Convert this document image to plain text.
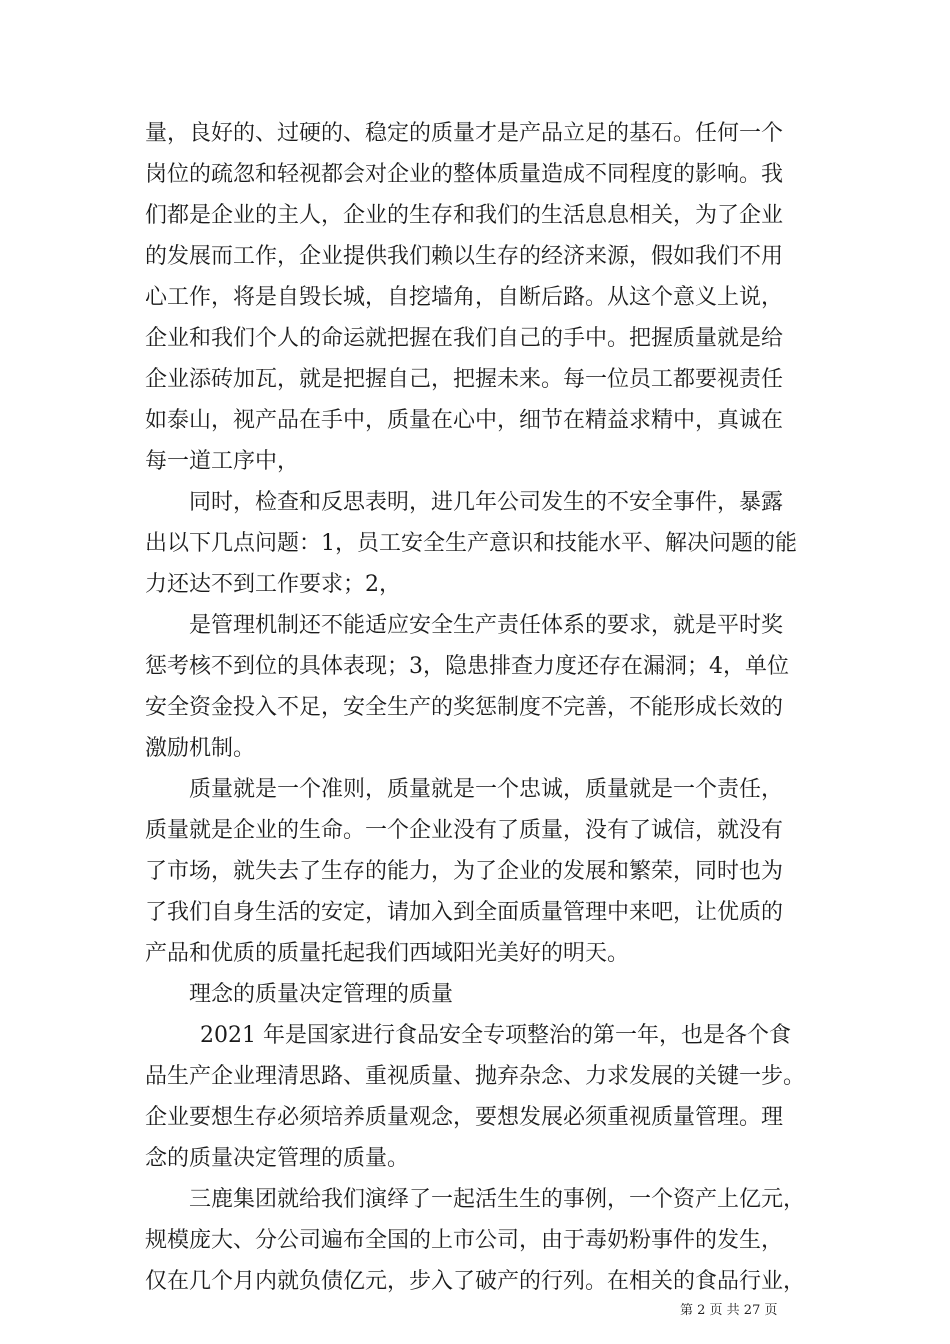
量，良好的、过硬的、稳定的质量才是产品立足的基石。任何一个
岗位的疏忽和轻视都会对企业的整体质量造成不同程度的影响。我
们都是企业的主人，企业的生存和我们的生活息息相关，为了企业
的发展而工作，企业提供我们赖以生存的经济来源，假如我们不用
心工作，将是自毁长城，自挖墙角，自断后路。从这个意义上说，
企业和我们个人的命运就把握在我们自己的手中。把握质量就是给
企业添砖加瓦，就是把握自己，把握未来。每一位员工都要视责任
如泰山，视产品在手中，质量在心中，细节在精益求精中，真诚在
每一道工序中，
同时，检查和反思表明，进几年公司发生的不安全事件，暴露
出以下几点问题：1，员工安全生产意识和技能水平、解决问题的能
力还达不到工作要求；2，
是管理机制还不能适应安全生产责任体系的要求，就是平时奖
惩考核不到位的具体表现；3，隐患排查力度还存在漏洞；4，单位
安全资金投入不足，安全生产的奖惩制度不完善，不能形成长效的
激励机制。
质量就是一个准则，质量就是一个忠诚，质量就是一个责任，
质量就是企业的生命。一个企业没有了质量，没有了诚信，就没有
了市场，就失去了生存的能力，为了企业的发展和繁荣，同时也为
了我们自身生活的安定，请加入到全面质量管理中来吧，让优质的
产品和优质的质量托起我们西域阳光美好的明天。
理念的质量决定管理的质量
2021 年是国家进行食品安全专项整治的第一年，也是各个食
品生产企业理清思路、重视质量、抛弃杂念、力求发展的关键一步。
企业要想生存必须培养质量观念，要想发展必须重视质量管理。理
念的质量决定管理的质量。
三鹿集团就给我们演绎了一起活生生的事例，一个资产上亿元，
规模庞大、分公司遍布全国的上市公司，由于毒奶粉事件的发生，
仅在几个月内就负债亿元，步入了破产的行列。在相关的食品行业，
第 2 页 共 27 页
